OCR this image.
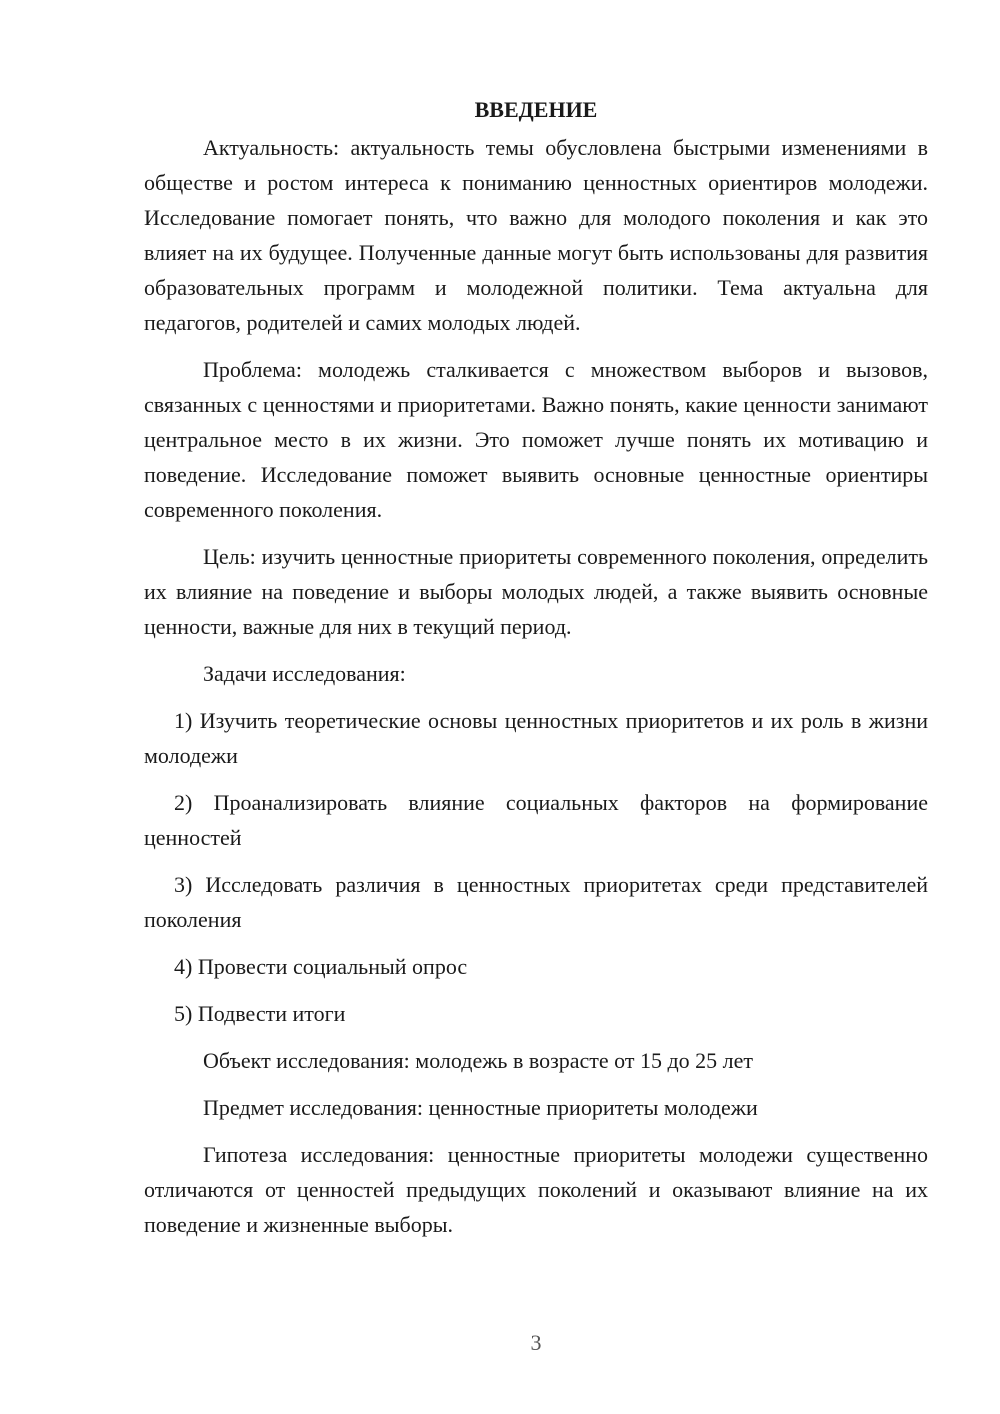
ВВЕДЕНИЕ

Актуальность: актуальность темы обусловлена быстрыми изменениями в обществе и ростом интереса к пониманию ценностных ориентиров молодежи. Исследование помогает понять, что важно для молодого поколения и как это влияет на их будущее. Полученные данные могут быть использованы для развития образовательных программ и молодежной политики. Тема актуальна для педагогов, родителей и самих молодых людей.

Проблема: молодежь сталкивается с множеством выборов и вызовов, связанных с ценностями и приоритетами. Важно понять, какие ценности занимают центральное место в их жизни. Это поможет лучше понять их мотивацию и поведение. Исследование поможет выявить основные ценностные ориентиры современного поколения.

Цель: изучить ценностные приоритеты современного поколения, определить их влияние на поведение и выборы молодых людей, а также выявить основные ценности, важные для них в текущий период.

Задачи исследования:

1) Изучить теоретические основы ценностных приоритетов и их роль в жизни молодежи

2) Проанализировать влияние социальных факторов на формирование ценностей

3) Исследовать различия в ценностных приоритетах среди представителей поколения

4) Провести социальный опрос

5) Подвести итоги

Объект исследования: молодежь в возрасте от 15 до 25 лет

Предмет исследования: ценностные приоритеты молодежи

Гипотеза исследования: ценностные приоритеты молодежи существенно отличаются от ценностей предыдущих поколений и оказывают влияние на их поведение и жизненные выборы.

3
